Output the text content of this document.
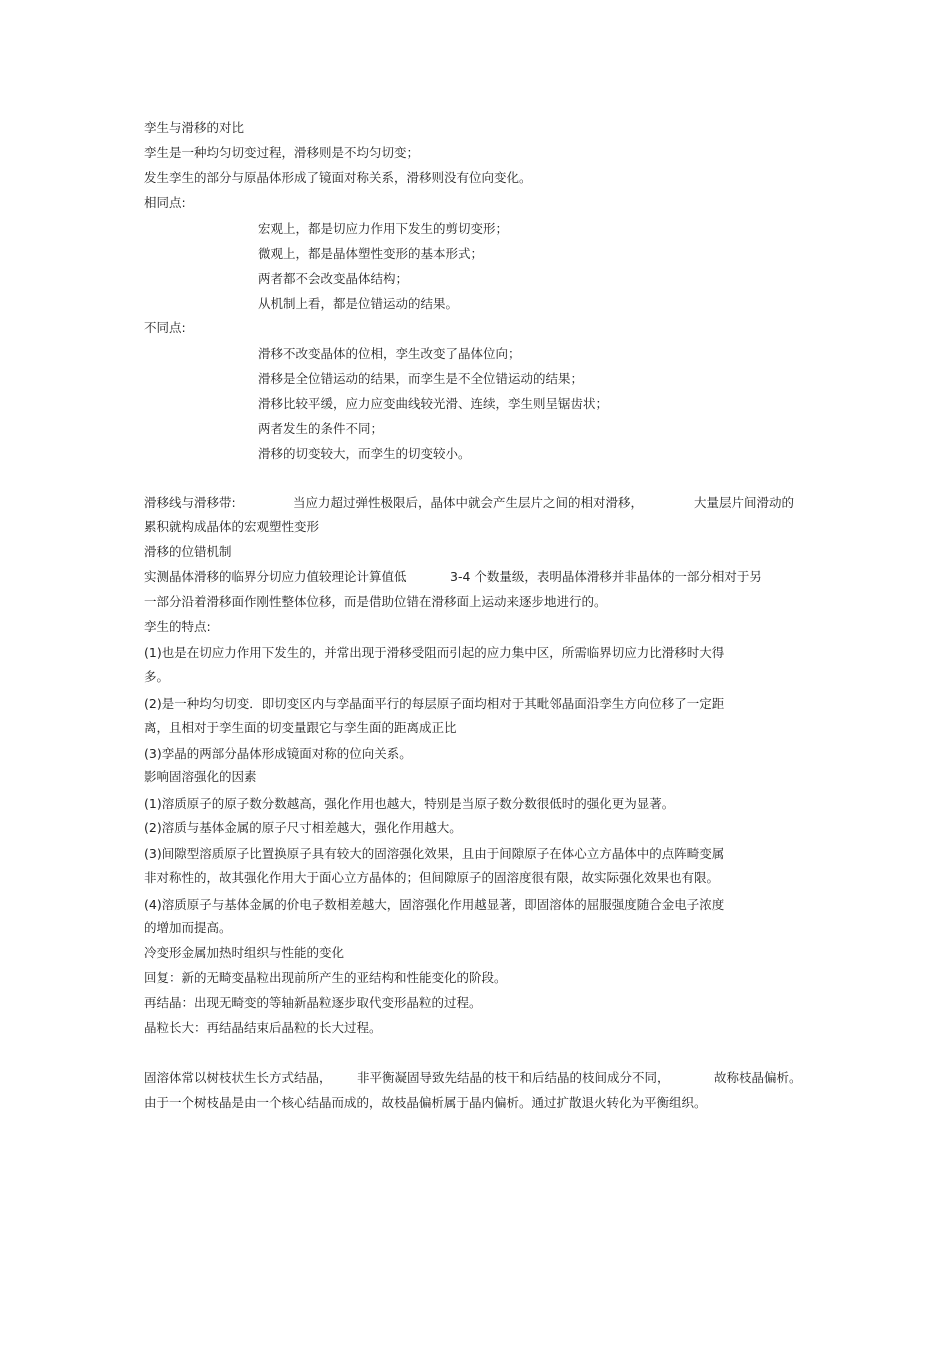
孪生与滑移的对比

孪生是一种均匀切变过程，滑移则是不均匀切变；

发生孪生的部分与原晶体形成了镜面对称关系，滑移则没有位向变化。

相同点:

宏观上，都是切应力作用下发生的剪切变形；

微观上，都是晶体塑性变形的基本形式；

两者都不会改变晶体结构；

从机制上看，都是位错运动的结果。

不同点:

滑移不改变晶体的位相，孪生改变了晶体位向；

滑移是全位错运动的结果，而孪生是不全位错运动的结果；

滑移比较平缓，应力应变曲线较光滑、连续，孪生则呈锯齿状；

两者发生的条件不同；

滑移的切变较大，而孪生的切变较小。

滑移线与滑移带:	当应力超过弹性极限后，晶体中就会产生层片之间的相对滑移，	大量层片间滑动的

累积就构成晶体的宏观塑性变形

滑移的位错机制

实测晶体滑移的临界分切应力值较理论计算值低	3-4 个数量级，表明晶体滑移并非晶体的一部分相对于另

一部分沿着滑移面作刚性整体位移，而是借助位错在滑移面上运动来逐步地进行的。

孪生的特点:

(1)也是在切应力作用下发生的，并常出现于滑移受阻而引起的应力集中区，所需临界切应力比滑移时大得

多。

(2)是一种均匀切变．即切变区内与孪晶面平行的每层原子面均相对于其毗邻晶面沿孪生方向位移了一定距

离，且相对于孪生面的切变量跟它与孪生面的距离成正比

(3)孪晶的两部分晶体形成镜面对称的位向关系。

影响固溶强化的因素

(1)溶质原子的原子数分数越高，强化作用也越大，特别是当原子数分数很低时的强化更为显著。

(2)溶质与基体金属的原子尺寸相差越大，强化作用越大。

(3)间隙型溶质原子比置换原子具有较大的固溶强化效果，且由于间隙原子在体心立方晶体中的点阵畸变属

非对称性的，故其强化作用大于面心立方晶体的；但间隙原子的固溶度很有限，故实际强化效果也有限。

(4)溶质原子与基体金属的价电子数相差越大，固溶强化作用越显著，即固溶体的屈服强度随合金电子浓度

的增加而提高。

冷变形金属加热时组织与性能的变化

回复：新的无畸变晶粒出现前所产生的亚结构和性能变化的阶段。

再结晶：出现无畸变的等轴新晶粒逐步取代变形晶粒的过程。

晶粒长大：再结晶结束后晶粒的长大过程。

固溶体常以树枝状生长方式结晶， 非平衡凝固导致先结晶的枝干和后结晶的枝间成分不同，	故称枝晶偏析。

由于一个树枝晶是由一个核心结晶而成的，故枝晶偏析属于晶内偏析。通过扩散退火转化为平衡组织。
